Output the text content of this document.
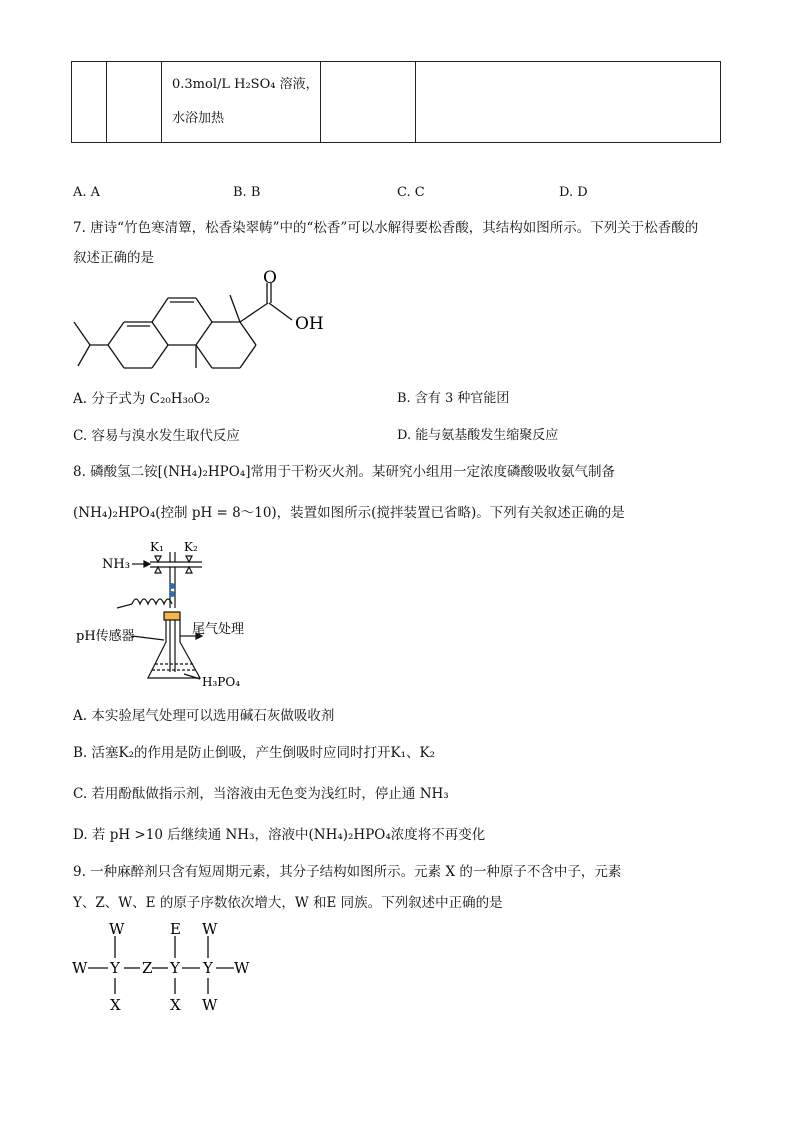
0.3mol/L H₂SO₄ 溶液，
水浴加热

A. A	B. B	C. C	D. D
7. 唐诗“竹色寒清簟，松香染翠帱”中的“松香”可以水解得要松香酸，其结构如图所示。下列关于松香酸的
叙述正确的是
O
OH
A. 分子式为 C₂₀H₃₀O₂	B. 含有 3 种官能团
C. 容易与溴水发生取代反应	D. 能与氨基酸发生缩聚反应
8. 磷酸氢二铵[(NH₄)₂HPO₄]常用于干粉灭火剂。某研究小组用一定浓度磷酸吸收氨气制备
(NH₄)₂HPO₄(控制 pH = 8～10)，装置如图所示(搅拌装置已省略)。下列有关叙述正确的是
NH₃
K₁ K₂
pH传感器	尾气处理
H₃PO₄
A. 本实验尾气处理可以选用碱石灰做吸收剂
B. 活塞K₂的作用是防止倒吸，产生倒吸时应同时打开K₁、K₂
C. 若用酚酞做指示剂，当溶液由无色变为浅红时，停止通 NH₃
D. 若 pH >10 后继续通 NH₃，溶液中(NH₄)₂HPO₄浓度将不再变化
9. 一种麻醉剂只含有短周期元素，其分子结构如图所示。元素 X 的一种原子不含中子，元素
Y、Z、W、E 的原子序数依次增大，W 和E 同族。下列叙述中正确的是
W	E W
W Y Z Y Y W
X	X W
